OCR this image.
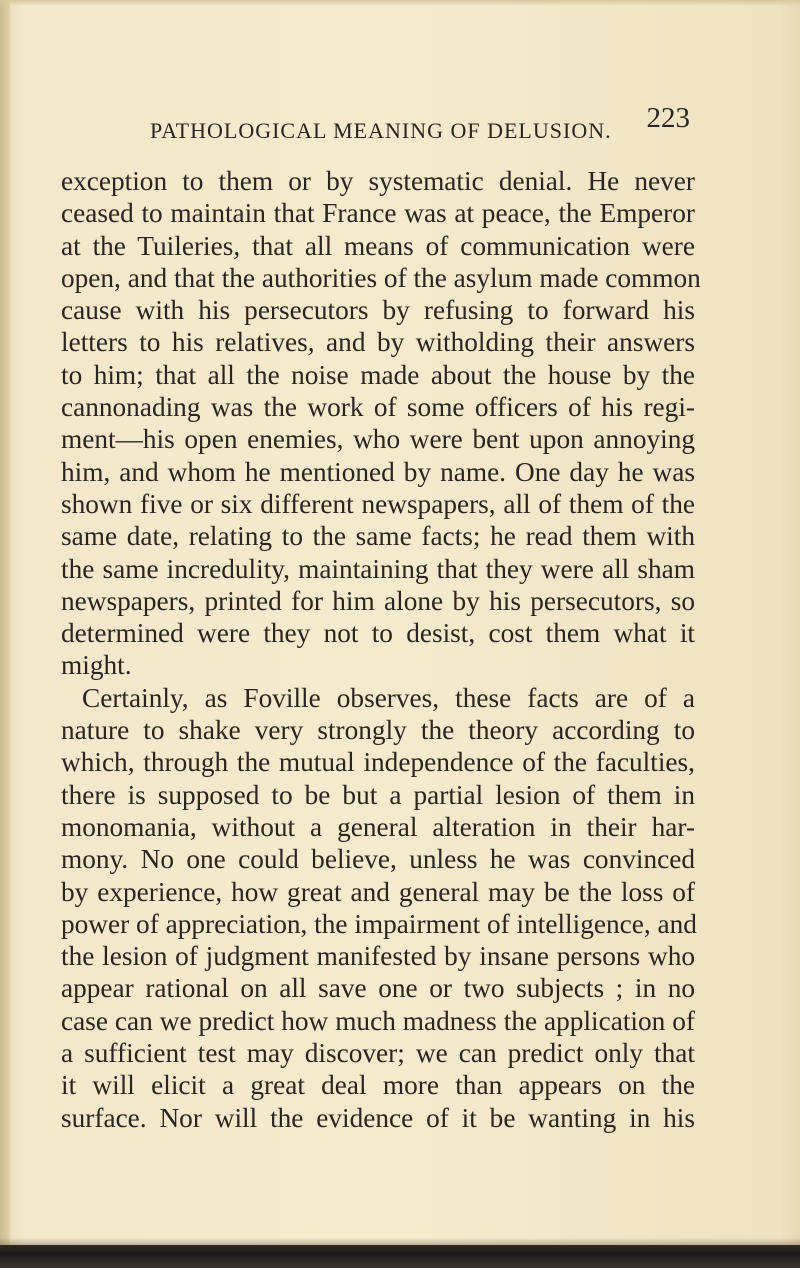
PATHOLOGICAL MEANING OF DELUSION. 223
exception to them or by systematic denial. He never
ceased to maintain that France was at peace, the Emperor
at the Tuileries, that all means of communication were
open, and that the authorities of the asylum made common
cause with his persecutors by refusing to forward his
letters to his relatives, and by witholding their answers
to him; that all the noise made about the house by the
cannonading was the work of some officers of his regi-
ment—his open enemies, who were bent upon annoying
him, and whom he mentioned by name. One day he was
shown five or six different newspapers, all of them of the
same date, relating to the same facts; he read them with
the same incredulity, maintaining that they were all sham
newspapers, printed for him alone by his persecutors, so
determined were they not to desist, cost them what it
might.
Certainly, as Foville observes, these facts are of a
nature to shake very strongly the theory according to
which, through the mutual independence of the faculties,
there is supposed to be but a partial lesion of them in
monomania, without a general alteration in their har-
mony. No one could believe, unless he was convinced
by experience, how great and general may be the loss of
power of appreciation, the impairment of intelligence, and
the lesion of judgment manifested by insane persons who
appear rational on all save one or two subjects ; in no
case can we predict how much madness the application of
a sufficient test may discover; we can predict only that
it will elicit a great deal more than appears on the
surface. Nor will the evidence of it be wanting in his
